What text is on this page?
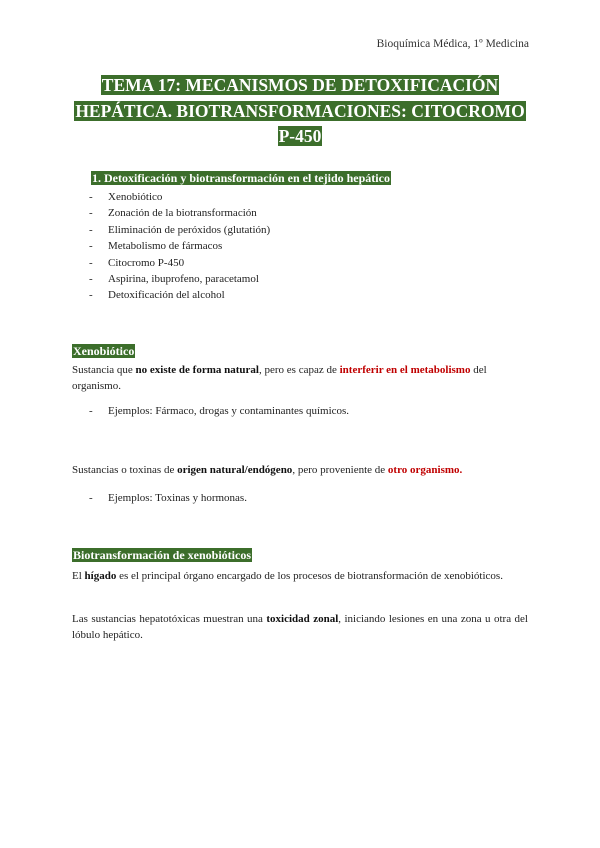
Bioquímica Médica, 1º Medicina
TEMA 17: MECANISMOS DE DETOXIFICACIÓN
HEPÁTICA. BIOTRANSFORMACIONES: CITOCROMO
P-450
1. Detoxificación y biotransformación en el tejido hepático
- Xenobiótico
- Zonación de la biotransformación
- Eliminación de peróxidos (glutatión)
- Metabolismo de fármacos
- Citocromo P-450
- Aspirina, ibuprofeno, paracetamol
- Detoxificación del alcohol
Xenobiótico

Sustancia que no existe de forma natural, pero es capaz de interferir en el metabolismo del organismo.

- Ejemplos: Fármaco, drogas y contaminantes químicos.

Sustancias o toxinas de origen natural/endógeno, pero proveniente de otro organismo.

- Ejemplos: Toxinas y hormonas.
Biotransformación de xenobióticos

El hígado es el principal órgano encargado de los procesos de biotransformación de xenobióticos.

Las sustancias hepatotóxicas muestran una toxicidad zonal, iniciando lesiones en una zona u otra del lóbulo hepático.
